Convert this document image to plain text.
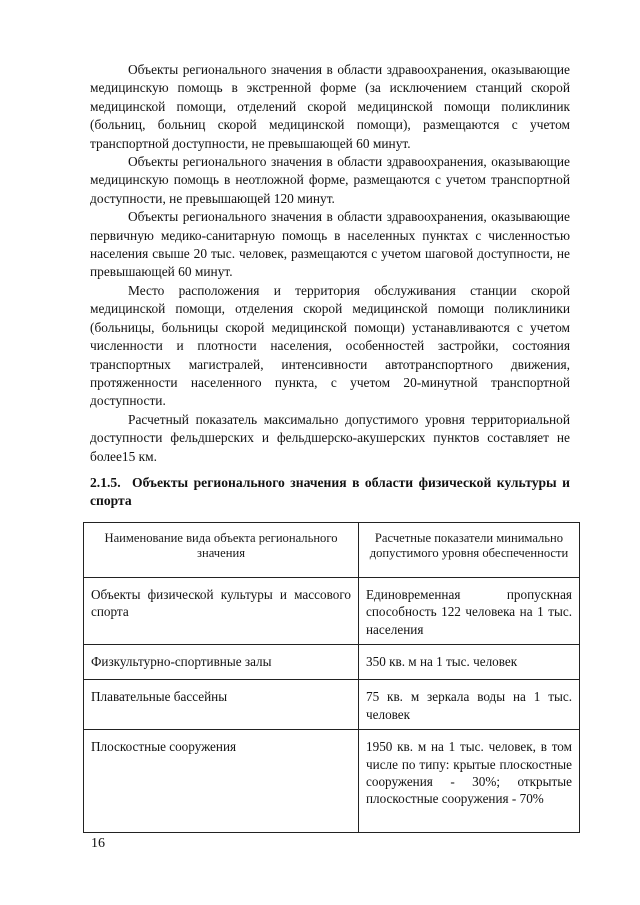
Объекты регионального значения в области здравоохранения, оказывающие медицинскую помощь в экстренной форме (за исключением станций скорой медицинской помощи, отделений скорой медицинской помощи поликлиник (больниц, больниц скорой медицинской помощи), размещаются с учетом транспортной доступности, не превышающей 60 минут.

Объекты регионального значения в области здравоохранения, оказывающие медицинскую помощь в неотложной форме, размещаются с учетом транспортной доступности, не превышающей 120 минут.

Объекты регионального значения в области здравоохранения, оказывающие первичную медико-санитарную помощь в населенных пунктах с численностью населения свыше 20 тыс. человек, размещаются с учетом шаговой доступности, не превышающей 60 минут.

Место расположения и территория обслуживания станции скорой медицинской помощи, отделения скорой медицинской помощи поликлиники (больницы, больницы скорой медицинской помощи) устанавливаются с учетом численности и плотности населения, особенностей застройки, состояния транспортных магистралей, интенсивности автотранспортного движения, протяженности населенного пункта, с учетом 20-минутной транспортной доступности.

Расчетный показатель максимально допустимого уровня территориальной доступности фельдшерских и фельдшерско-акушерских пунктов составляет не более15 км.

2.1.5. Объекты регионального значения в области физической культуры и спорта
Наименование вида объекта регионального значения	Расчетные показатели минимально допустимого уровня обеспеченности
Объекты физической культуры и массового спорта	Единовременная пропускная способность 122 человека на 1 тыс. населения
Физкультурно-спортивные залы	350 кв. м на 1 тыс. человек
Плавательные бассейны	75 кв. м зеркала воды на 1 тыс. человек
Плоскостные сооружения	1950 кв. м на 1 тыс. человек, в том числе по типу: крытые плоскостные сооружения - 30%; открытые плоскостные сооружения - 70%
16
